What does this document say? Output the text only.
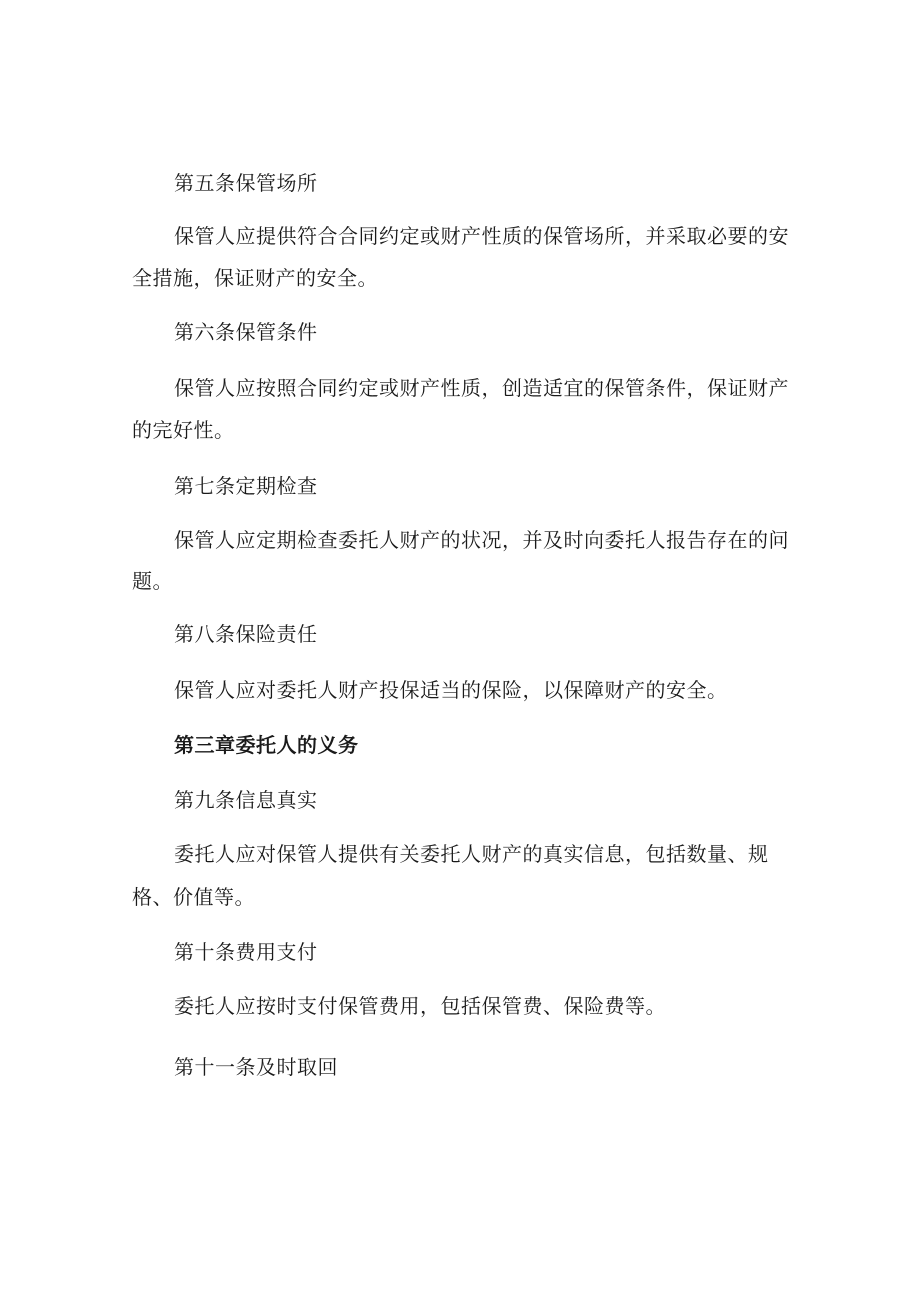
第五条保管场所
保管人应提供符合合同约定或财产性质的保管场所，并采取必要的安
全措施，保证财产的安全。
第六条保管条件
保管人应按照合同约定或财产性质，创造适宜的保管条件，保证财产
的完好性。
第七条定期检查
保管人应定期检查委托人财产的状况，并及时向委托人报告存在的问
题。
第八条保险责任
保管人应对委托人财产投保适当的保险，以保障财产的安全。
第三章委托人的义务
第九条信息真实
委托人应对保管人提供有关委托人财产的真实信息，包括数量、规
格、价值等。
第十条费用支付
委托人应按时支付保管费用，包括保管费、保险费等。
第十一条及时取回
